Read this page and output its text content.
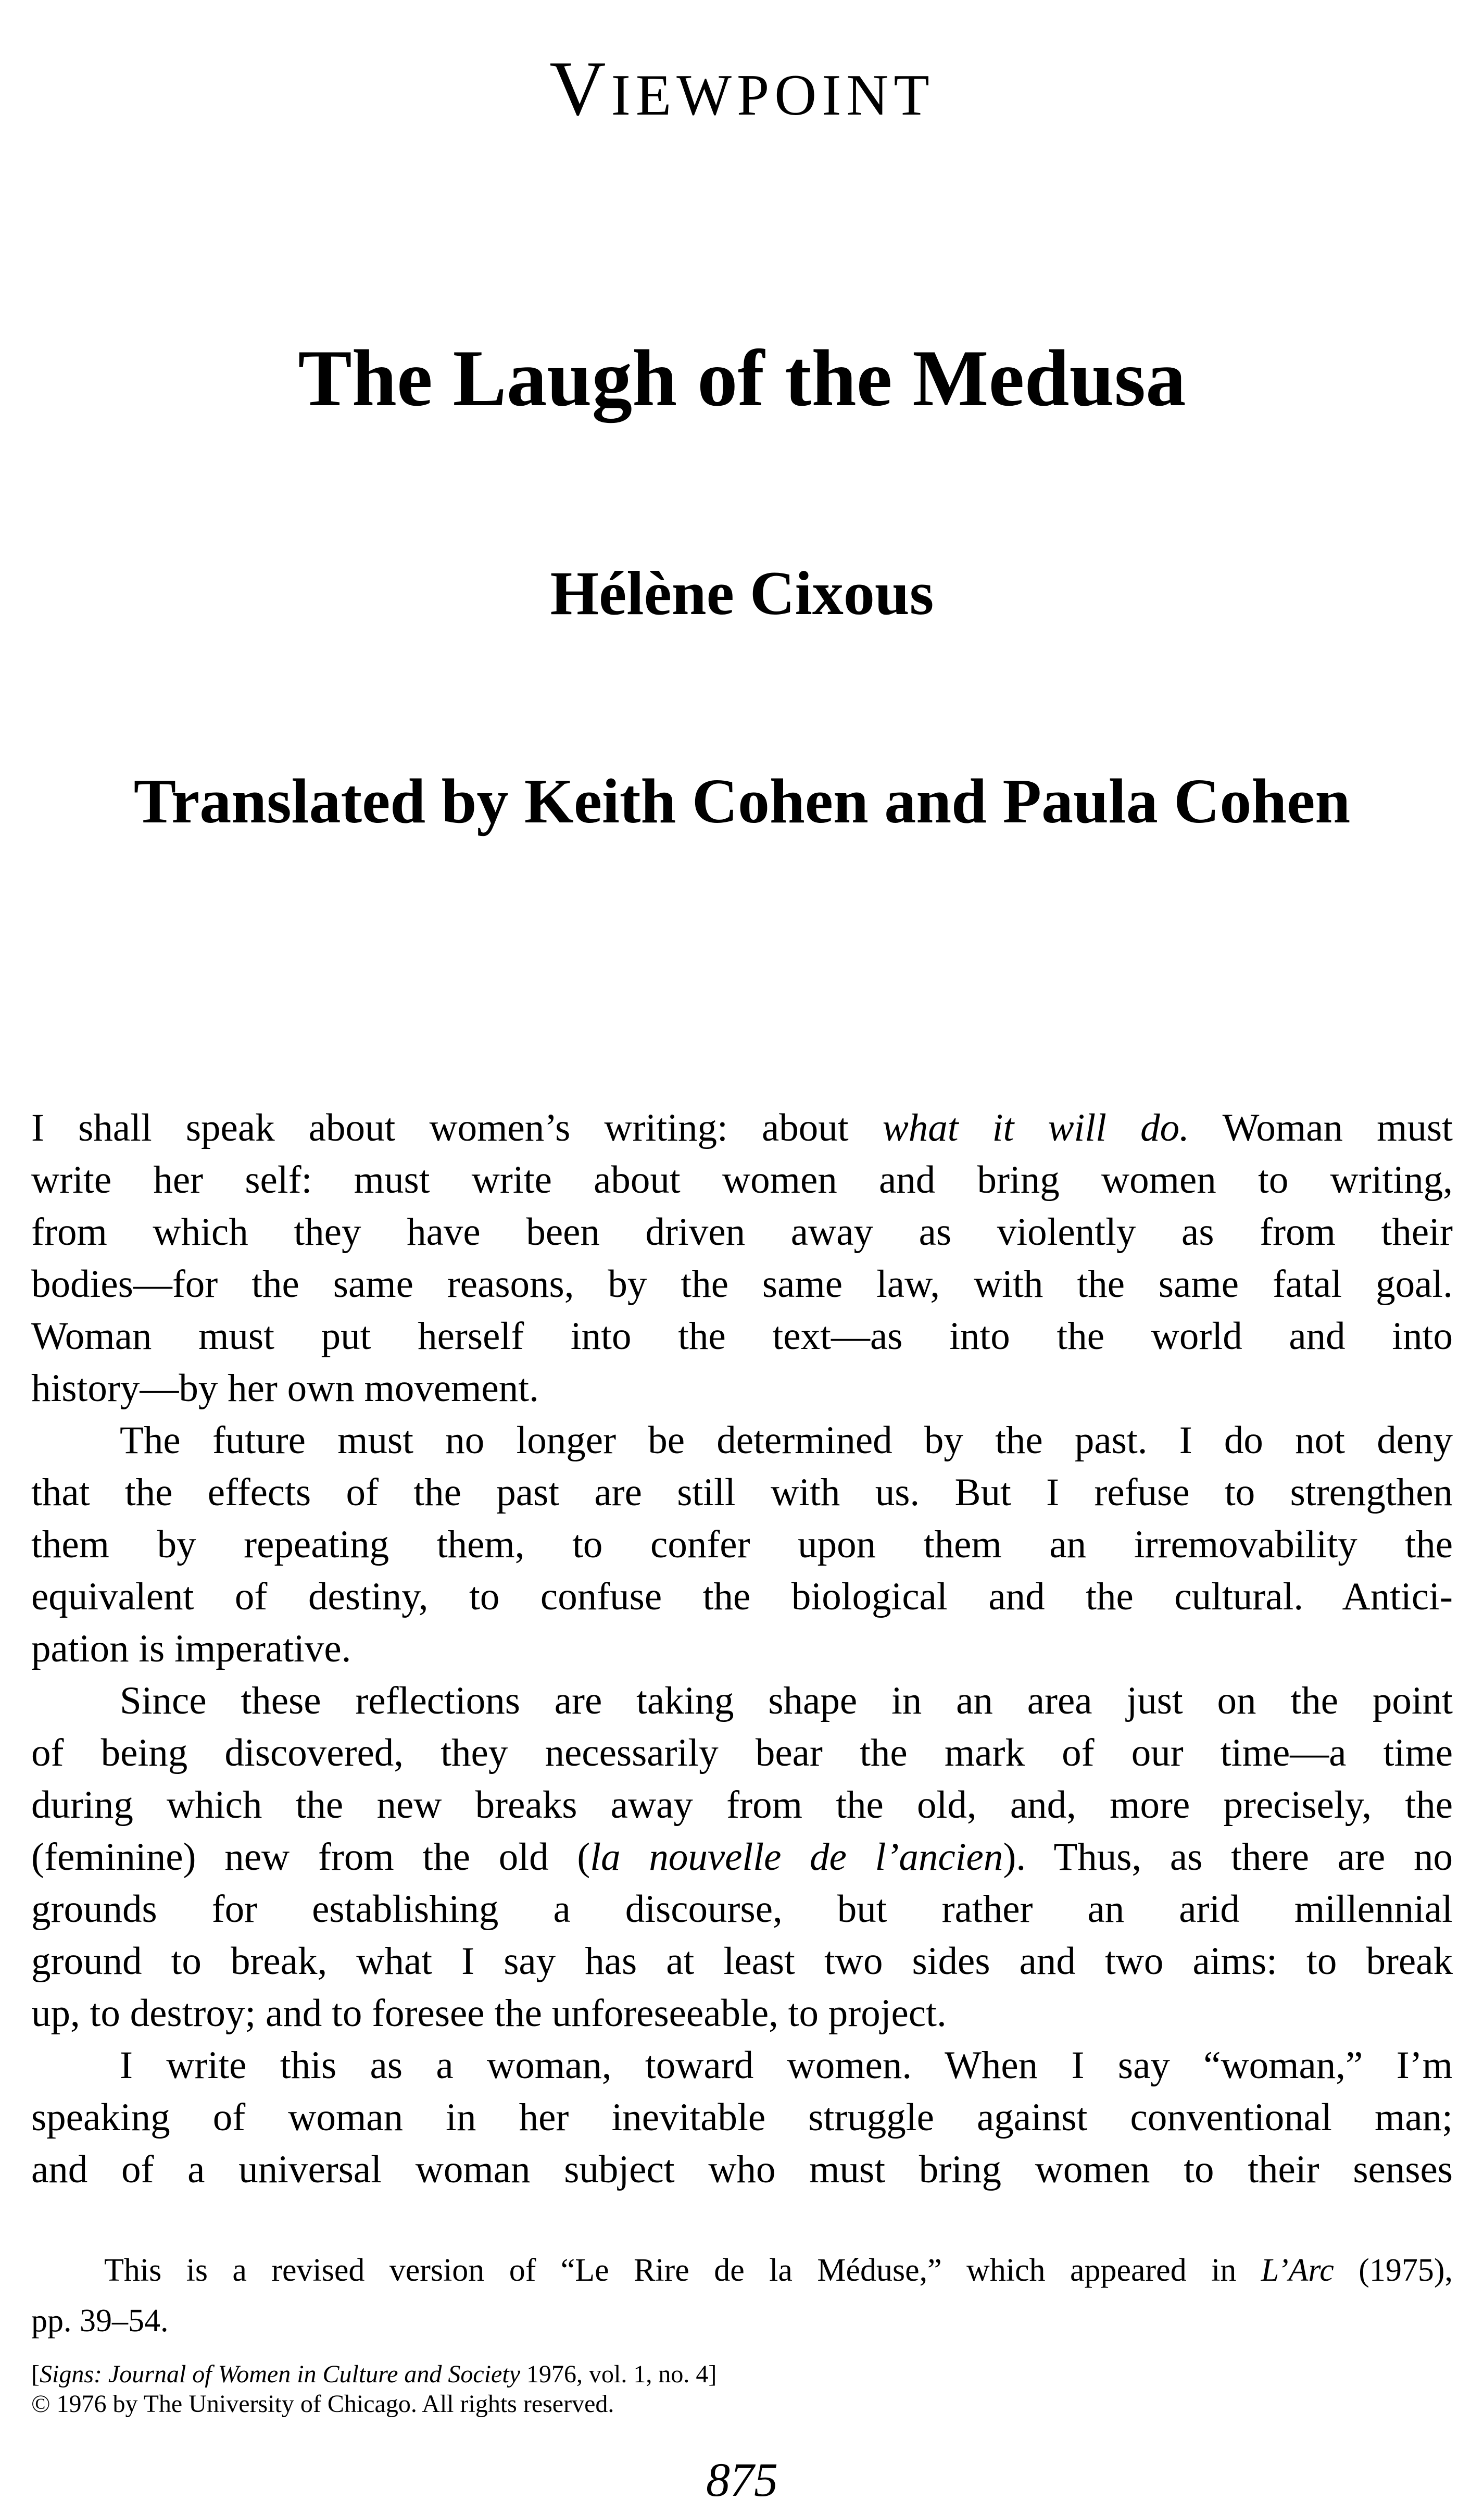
VIEWPOINT
The Laugh of the Medusa
Hélène Cixous
Translated by Keith Cohen and Paula Cohen
I shall speak about women’s writing: about what it will do. Woman must
write her self: must write about women and bring women to writing,
from which they have been driven away as violently as from their
bodies—for the same reasons, by the same law, with the same fatal goal.
Woman must put herself into the text—as into the world and into
history—by her own movement.
The future must no longer be determined by the past. I do not deny
that the effects of the past are still with us. But I refuse to strengthen
them by repeating them, to confer upon them an irremovability the
equivalent of destiny, to confuse the biological and the cultural. Antici-
pation is imperative.
Since these reflections are taking shape in an area just on the point
of being discovered, they necessarily bear the mark of our time—a time
during which the new breaks away from the old, and, more precisely, the
(feminine) new from the old (la nouvelle de l’ancien). Thus, as there are no
grounds for establishing a discourse, but rather an arid millennial
ground to break, what I say has at least two sides and two aims: to break
up, to destroy; and to foresee the unforeseeable, to project.
I write this as a woman, toward women. When I say “woman,” I’m
speaking of woman in her inevitable struggle against conventional man;
and of a universal woman subject who must bring women to their senses
This is a revised version of “Le Rire de la Méduse,” which appeared in L’Arc (1975),
pp. 39–54.
[Signs: Journal of Women in Culture and Society 1976, vol. 1, no. 4]
© 1976 by The University of Chicago. All rights reserved.
875
